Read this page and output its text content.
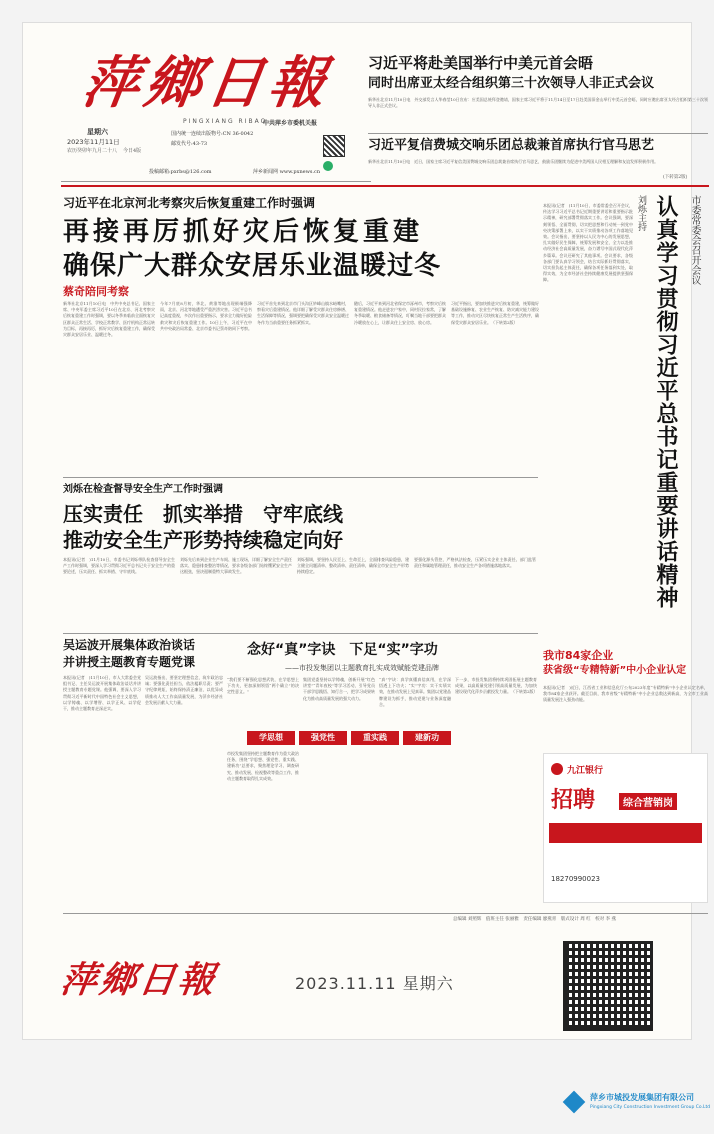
萍鄉日報
PINGXIANG RIBAO
中共萍乡市委机关报
星期六
2023年11月11日
农历癸卯年九月二十八 今日4版
国内统一连续出版物号:CN 36-0042
邮发代号:43-73
投稿邮箱:pxrbs@126.com	萍乡新闻网 www.pxnews.cn
习近平将赴美国举行中美元首会晤
同时出席亚太经合组织第三十次领导人非正式会议
新华社北京11月10日电　外交部发言人华春莹10日宣布：应美国总统拜登邀请，国家主席习近平将于11月14日至17日赴美国旧金山举行中美元首会晤，同时应邀出席亚太经合组织第三十次领导人非正式会议。
习近平复信费城交响乐团总裁兼首席执行官马思艺
新华社北京11月10日电　近日，国家主席习近平复信美国费城交响乐团总裁兼首席执行官马思艺，鼓励乐团继续为促进中美两国人民相互理解和友谊发挥积极作用。
(下转第2版)
市委常委会召开会议
认真学习贯彻习近平总书记重要讲话精神
刘烁主持
本报讯(记者　)11月10日，市委常委会召开会议，传达学习习近平总书记近期重要讲话和重要指示批示精神，研究部署贯彻落实工作。会议强调，要深刻领悟、全面贯彻，切实把思想和行动统一到党中央决策部署上来，以实干实绩推动各项工作落地见效。会议指出，要坚持以人民为中心的发展思想，扎实做好民生保障，统筹发展和安全，全力以赴推动经济社会高质量发展，奋力谱写中国式现代化萍乡篇章。会议还研究了其他事项。会议要求，各级各部门要认真学习领会，结合实际抓好贯彻落实，切实担负起主体责任，确保各项任务落到实处，取得实效，为全市经济社会持续健康发展提供坚强保障。
习近平在北京河北考察灾后恢复重建工作时强调
再接再厉抓好灾后恢复重建
确保广大群众安居乐业温暖过冬
蔡奇陪同考察
新华社北京11月10日电　中共中央总书记、国家主席、中央军委主席习近平10日在北京、河北考察灾后恢复重建工作时强调，要以冬季来临前全面恢复灾区群众正常生活、学校正常教学、医疗机构正常运转为目标，再接再厉，抓好灾后恢复重建工作，确保受灾群众安居乐业、温暖过冬。
今年7月底8月初，华北、黄淮等地出现极端强降雨，北京、河北等地遭受严重洪涝灾害。习近平总书记高度重视，多次作出重要指示，要求全力做好抢险救灾和灾后恢复重建工作。10日上午，习近平在中共中央政治局常委、北京市委书记蔡奇陪同下考察。
习近平首先来到北京市门头沟区妙峰山镇水峪嘴村，察看灾后重建情况。他详细了解受灾群众住房修缮、生活保障等情况，强调要把确保受灾群众安全温暖过冬作为当前重要任务抓紧抓实。
随后，习近平来到河北省保定市涿州市，考察灾后恢复重建情况。他走进农户家中，同村民拉家常，了解冬季取暖、粮食储备等情况，叮嘱当地干部要把群众冷暖放在心上，让群众住上安全房、放心房。
习近平指出，要加快推进灾后恢复重建，统筹做好基础设施修复、农业生产恢复、防灾减灾能力建设等工作，推动灾区尽快恢复正常生产生活秩序，确保受灾群众安居乐业。（下转第2版）
刘烁在检查督导安全生产工作时强调
压实责任　抓实举措　守牢底线
推动安全生产形势持续稳定向好
本报讯(记者　)11月10日，市委书记刘烁带队检查督导安全生产工作时强调，要深入学习贯彻习近平总书记关于安全生产的重要论述，压实责任、抓实举措、守牢底线。
刘烁先后来到企业生产车间、施工现场，详细了解安全生产责任落实、隐患排查整治等情况，要求各级各部门始终绷紧安全生产这根弦，坚决遏制重特大事故发生。
刘烁强调，要坚持人民至上、生命至上，全面排查风险隐患，建立健全问题清单、整改清单、责任清单，确保全市安全生产形势持续稳定。
要强化源头管控，严格执法检查，压紧压实企业主体责任、部门监管责任和属地管理责任，推动安全生产各项措施落地落实。
吴运波开展集体政治谈话
并讲授主题教育专题党课
本报讯(记者　)11月10日，市人大常委会党组书记、主任吴运波开展集体政治谈话并讲授主题教育专题党课。他强调，要深入学习贯彻习近平新时代中国特色社会主义思想，以学铸魂、以学增智、以学正风、以学促干，推动主题教育走深走实。
吴运波指出，要坚定理想信念，筑牢政治忠诚；要强化责任担当，依法履职尽责；要严守纪律规矩，始终保持清正廉洁，以优异成绩推动人大工作高质量发展，为萍乡经济社会发展贡献人大力量。
念好“真”字诀　下足“实”字功
——市投发集团以主题教育扎实成效赋能党建品牌
“我们要不断强化思想武装，在学思想上下功夫，更加深刻领悟“两个确立”的决定性意义。”
学思想	强党性	重实践	建新功
市投发集团坚持把主题教育作为重大政治任务，围绕“学思想、强党性、重实践、建新功”总要求，聚焦理论学习、调查研究、推动发展、检视整改等重点工作，推动主题教育取得扎实成效。
集团党委坚持以学铸魂，创新开展“红色讲堂”“青年夜校”等学习活动，引导党员干部学思践悟、知行合一，把学习成果转化为推动高质量发展的强大动力。
“真”字诀：真学真懂真信真用，在学深悟透上下功夫；“实”字功：实干实绩实效，在推动发展上见真章。集团以党建品牌建设为抓手，推动党建与业务深度融合。
下一步，市投发集团将持续巩固拓展主题教育成果，以高质量党建引领高质量发展，为加快建设现代化萍乡贡献投发力量。（下转第2版）
我市84家企业
获省级“专精特新”中小企业认定
本报讯(记者　)近日，江西省工业和信息化厅公布2023年度“专精特新”中小企业认定名单，我市84家企业获评。截至目前，我市省级“专精特新”中小企业总数达到新高，为全市工业高质量发展注入强劲动能。
九江银行
招聘	综合营销岗
18270990023
总编辑 刘照辉　值班主任 张丽雅　责任编辑 廖燕青　版式设计 周 红　校对 李 燕
萍鄉日報	2023.11.11 星期六
萍乡市城投发展集团有限公司
Pingxiang City Construction Investment Group Co.Ltd
